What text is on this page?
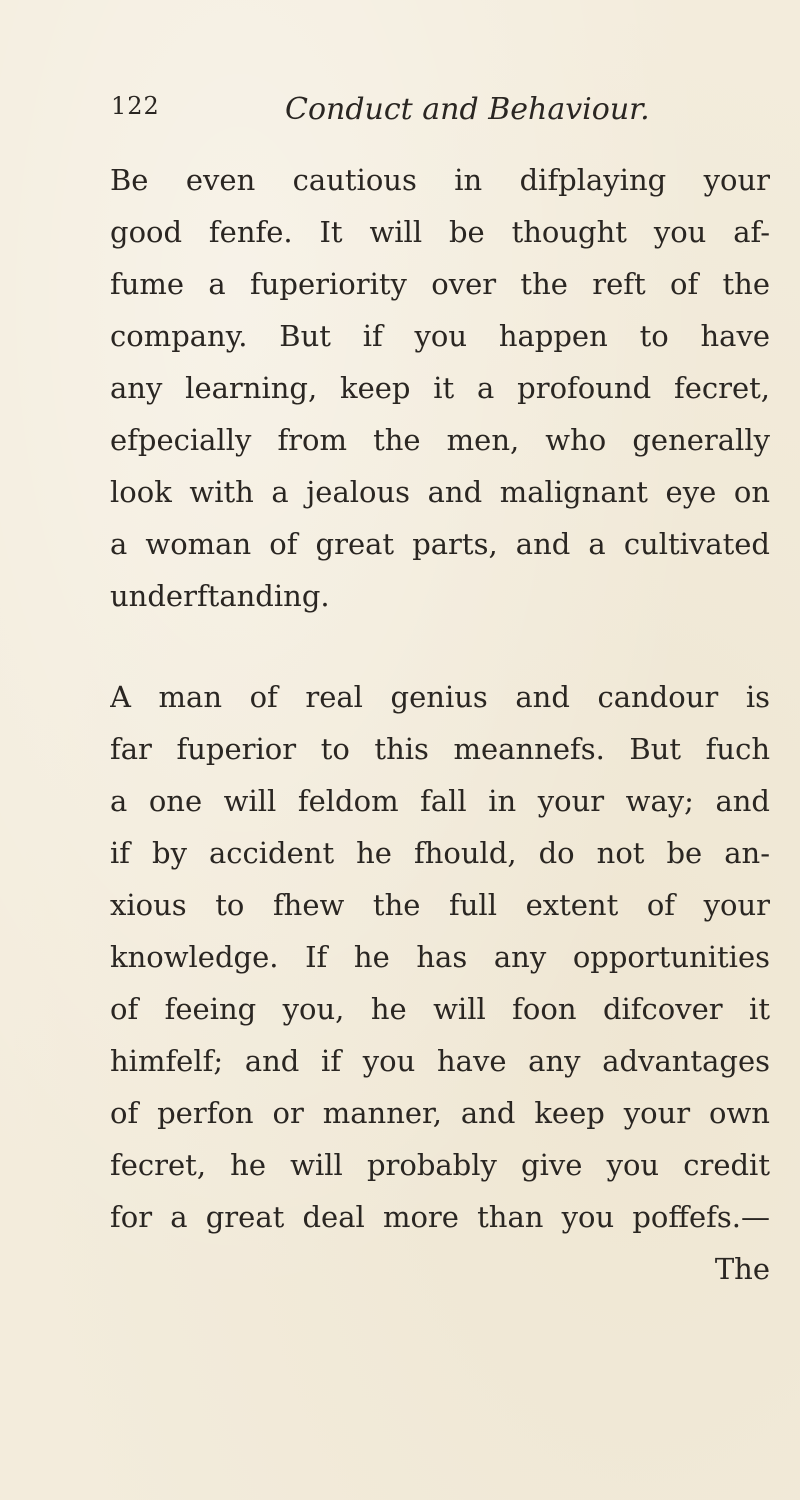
122	Conduct and Behaviour.
Be even cautious in difplaying your
good fenfe. It will be thought you af-
fume a fuperiority over the reft of the
company. But if you happen to have
any learning, keep it a profound fecret,
efpecially from the men, who generally
look with a jealous and malignant eye on
a woman of great parts, and a cultivated
underftanding.
A man of real genius and candour is
far fuperior to this meannefs. But fuch
a one will feldom fall in your way; and
if by accident he fhould, do not be an-
xious to fhew the full extent of your
knowledge. If he has any opportunities
of feeing you, he will foon difcover it
himfelf; and if you have any advantages
of perfon or manner, and keep your own
fecret, he will probably give you credit
for a great deal more than you poffefs.—
The
